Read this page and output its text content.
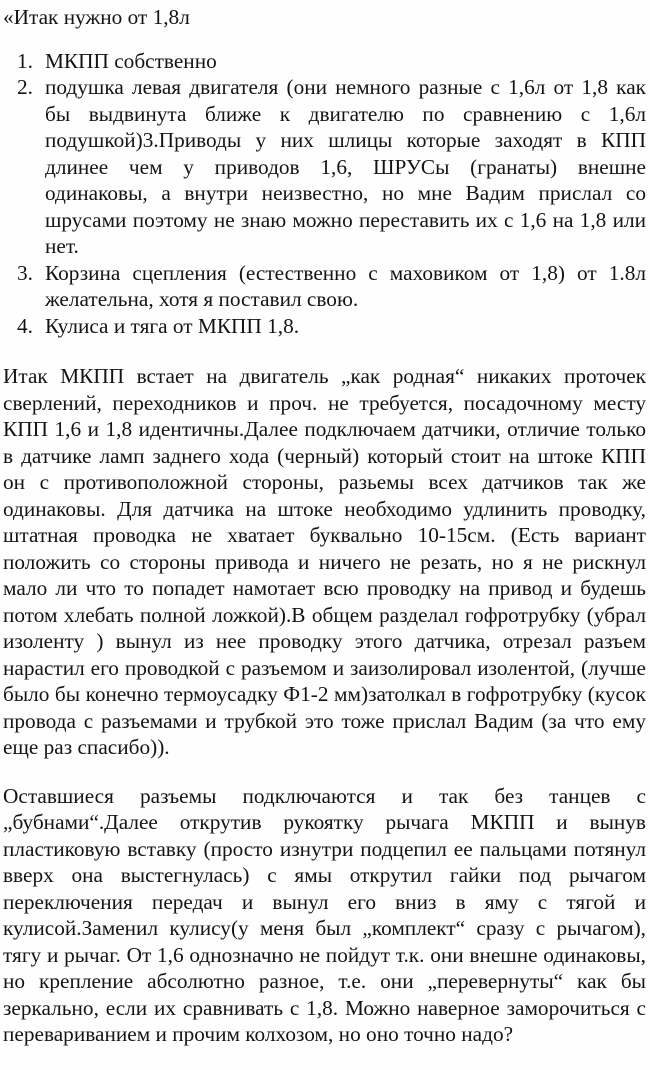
«Итак нужно от 1,8л

1. МКПП собственно
2. подушка левая двигателя (они немного разные с 1,6л от 1,8 как бы выдвинута ближе к двигателю по сравнению с 1,6л подушкой)3.Приводы у них шлицы которые заходят в КПП длинее чем у приводов 1,6, ШРУСы (гранаты) внешне одинаковы, а внутри неизвестно, но мне Вадим прислал со шрусами поэтому не знаю можно переставить их с 1,6 на 1,8 или нет.
3. Корзина сцепления (естественно с маховиком от 1,8) от 1.8л желательна, хотя я поставил свою.
4. Кулиса и тяга от МКПП 1,8.

Итак МКПП встает на двигатель „как родная“ никаких проточек сверлений, переходников и проч. не требуется, посадочному месту КПП 1,6 и 1,8 идентичны.Далее подключаем датчики, отличие только в датчике ламп заднего хода (черный) который стоит на штоке КПП он с противоположной стороны, разьемы всех датчиков так же одинаковы. Для датчика на штоке необходимо удлинить проводку, штатная проводка не хватает буквально 10-15см. (Есть вариант положить со стороны привода и ничего не резать, но я не рискнул мало ли что то попадет намотает всю проводку на привод и будешь потом хлебать полной ложкой).В общем разделал гофротрубку (убрал изоленту ) вынул из нее проводку этого датчика, отрезал разъем нарастил его проводкой с разъемом и заизолировал изолентой, (лучше было бы конечно термоусадку Ф1-2 мм)затолкал в гофротрубку (кусок провода с разъемами и трубкой это тоже прислал Вадим (за что ему еще раз спасибо)).

Оставшиеся разъемы подключаются и так без танцев с „бубнами“.Далее открутив рукоятку рычага МКПП и вынув пластиковую вставку (просто изнутри подцепил ее пальцами потянул вверх она выстегнулась) с ямы открутил гайки под рычагом переключения передач и вынул его вниз в яму с тягой и кулисой.Заменил кулису(у меня был „комплект“ сразу с рычагом), тягу и рычаг. От 1,6 однозначно не пойдут т.к. они внешне одинаковы, но крепление абсолютно разное, т.е. они „перевернуты“ как бы зеркально, если их сравнивать с 1,8. Можно наверное заморочиться с перевариванием и прочим колхозом, но оно точно надо?
